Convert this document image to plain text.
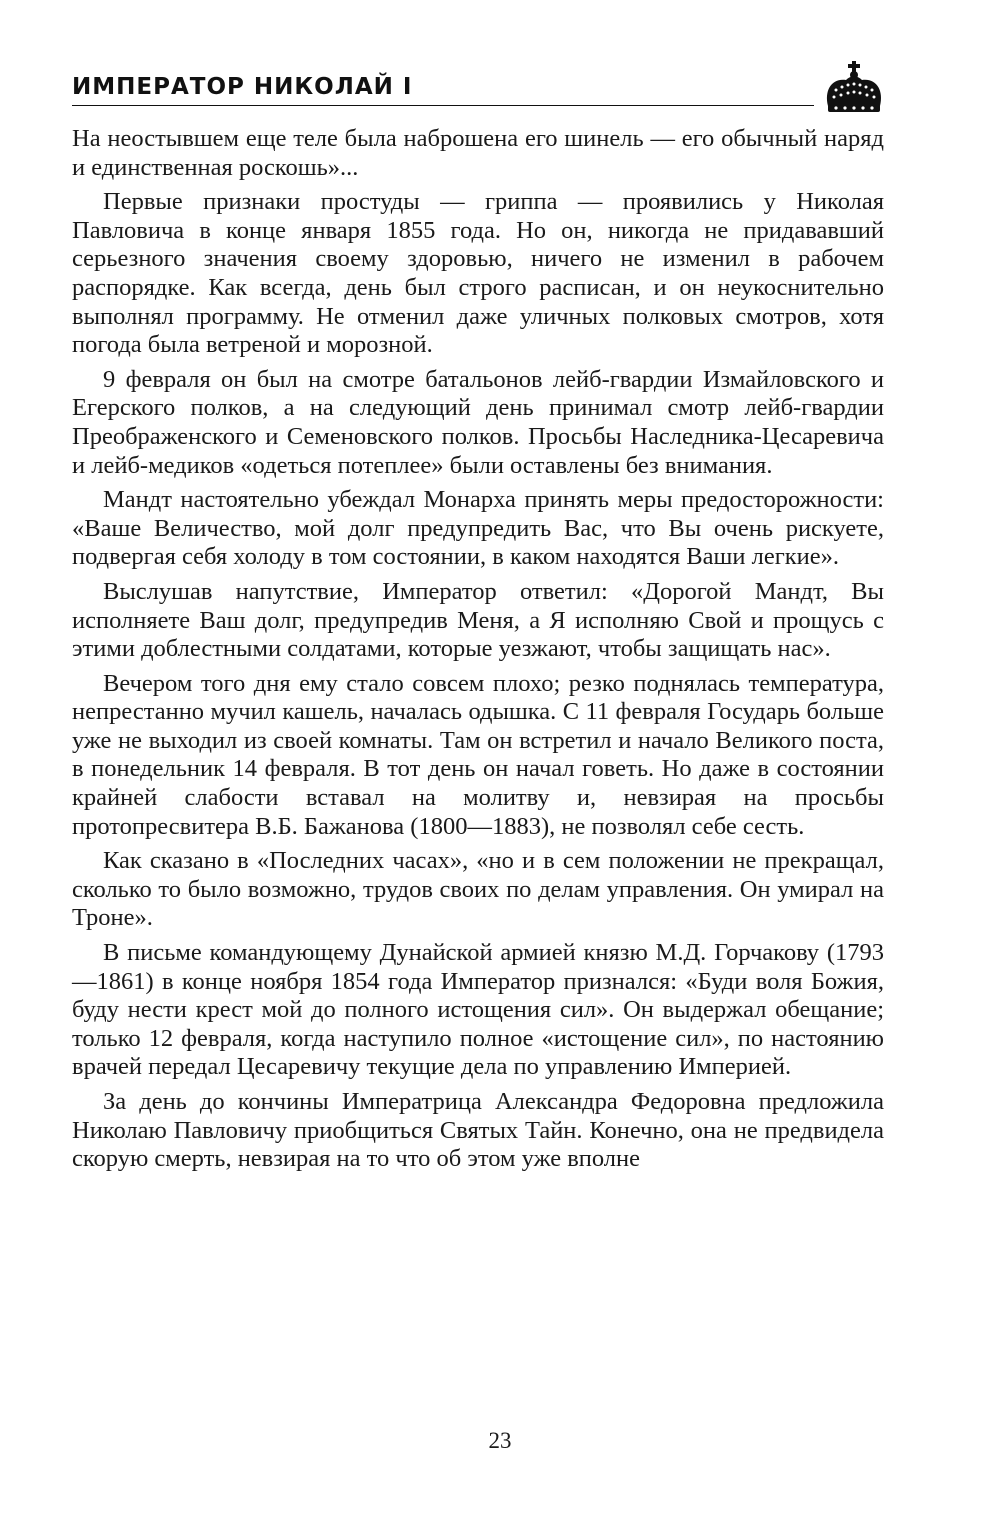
ИМПЕРАТОР НИКОЛАЙ I

На неостывшем еще теле была наброшена его шинель — его обычный наряд и единственная роскошь»...

Первые признаки простуды — гриппа — проявились у Николая Павловича в конце января 1855 года. Но он, никогда не придававший серьезного значения своему здоровью, ничего не изменил в рабочем распорядке. Как всегда, день был строго расписан, и он неукоснительно выполнял программу. Не отменил даже уличных полковых смотров, хотя погода была ветреной и морозной.

9 февраля он был на смотре батальонов лейб-гвардии Измайловского и Егерского полков, а на следующий день принимал смотр лейб-гвардии Преображенского и Семеновского полков. Просьбы Наследника-Цесаревича и лейб-медиков «одеться потеплее» были оставлены без внимания.

Мандт настоятельно убеждал Монарха принять меры предосторожности: «Ваше Величество, мой долг предупредить Вас, что Вы очень рискуете, подвергая себя холоду в том состоянии, в каком находятся Ваши легкие».

Выслушав напутствие, Император ответил: «Дорогой Мандт, Вы исполняете Ваш долг, предупредив Меня, а Я исполняю Свой и прощусь с этими доблестными солдатами, которые уезжают, чтобы защищать нас».

Вечером того дня ему стало совсем плохо; резко поднялась температура, непрестанно мучил кашель, началась одышка. С 11 февраля Государь больше уже не выходил из своей комнаты. Там он встретил и начало Великого поста, в понедельник 14 февраля. В тот день он начал говеть. Но даже в состоянии крайней слабости вставал на молитву и, невзирая на просьбы протопресвитера В.Б. Бажанова (1800—1883), не позволял себе сесть.

Как сказано в «Последних часах», «но и в сем положении не прекращал, сколько то было возможно, трудов своих по делам управления. Он умирал на Троне».

В письме командующему Дунайской армией князю М.Д. Горчакову (1793—1861) в конце ноября 1854 года Император признался: «Буди воля Божия, буду нести крест мой до полного истощения сил». Он выдержал обещание; только 12 февраля, когда наступило полное «истощение сил», по настоянию врачей передал Цесаревичу текущие дела по управлению Империей.

За день до кончины Императрица Александра Федоровна предложила Николаю Павловичу приобщиться Святых Тайн. Конечно, она не предвидела скорую смерть, невзирая на то что об этом уже вполне

23
